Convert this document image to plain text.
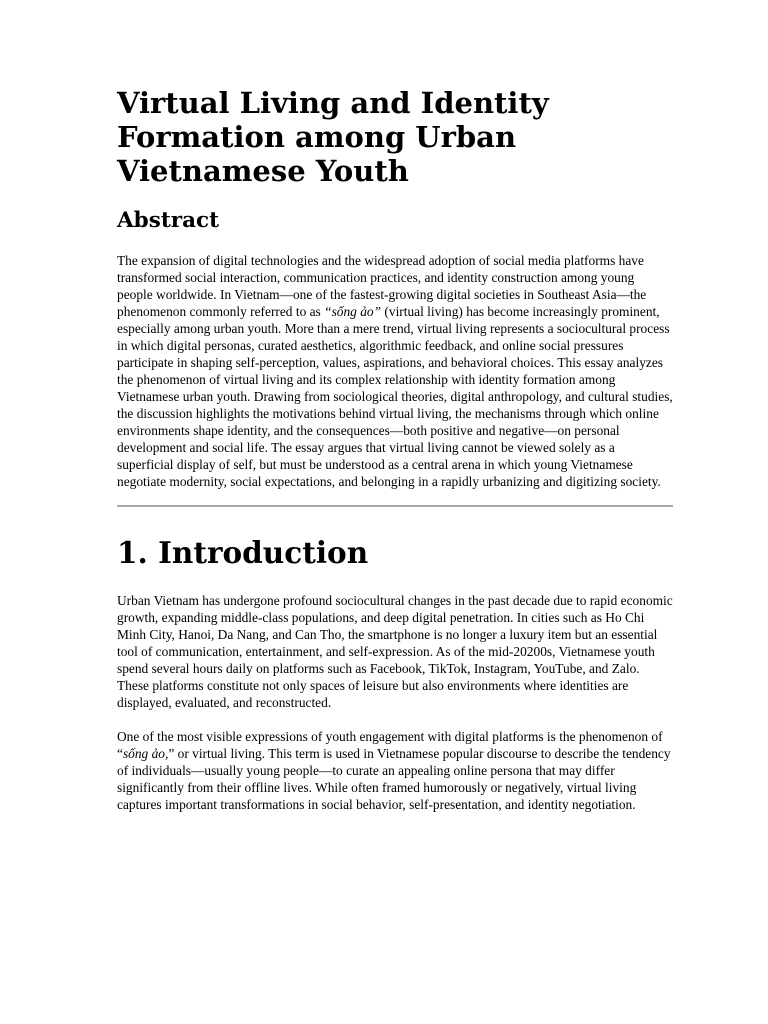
Virtual Living and Identity Formation among Urban Vietnamese Youth
Abstract

The expansion of digital technologies and the widespread adoption of social media platforms have transformed social interaction, communication practices, and identity construction among young people worldwide. In Vietnam—one of the fastest-growing digital societies in Southeast Asia—the phenomenon commonly referred to as “sống ảo” (virtual living) has become increasingly prominent, especially among urban youth. More than a mere trend, virtual living represents a sociocultural process in which digital personas, curated aesthetics, algorithmic feedback, and online social pressures participate in shaping self-perception, values, aspirations, and behavioral choices. This essay analyzes the phenomenon of virtual living and its complex relationship with identity formation among Vietnamese urban youth. Drawing from sociological theories, digital anthropology, and cultural studies, the discussion highlights the motivations behind virtual living, the mechanisms through which online environments shape identity, and the consequences—both positive and negative—on personal development and social life. The essay argues that virtual living cannot be viewed solely as a superficial display of self, but must be understood as a central arena in which young Vietnamese negotiate modernity, social expectations, and belonging in a rapidly urbanizing and digitizing society.

1. Introduction

Urban Vietnam has undergone profound sociocultural changes in the past decade due to rapid economic growth, expanding middle-class populations, and deep digital penetration. In cities such as Ho Chi Minh City, Hanoi, Da Nang, and Can Tho, the smartphone is no longer a luxury item but an essential tool of communication, entertainment, and self-expression. As of the mid-20200s, Vietnamese youth spend several hours daily on platforms such as Facebook, TikTok, Instagram, YouTube, and Zalo. These platforms constitute not only spaces of leisure but also environments where identities are displayed, evaluated, and reconstructed.

One of the most visible expressions of youth engagement with digital platforms is the phenomenon of “sống ảo,” or virtual living. This term is used in Vietnamese popular discourse to describe the tendency of individuals—usually young people—to curate an appealing online persona that may differ significantly from their offline lives. While often framed humorously or negatively, virtual living captures important transformations in social behavior, self-presentation, and identity negotiation.
